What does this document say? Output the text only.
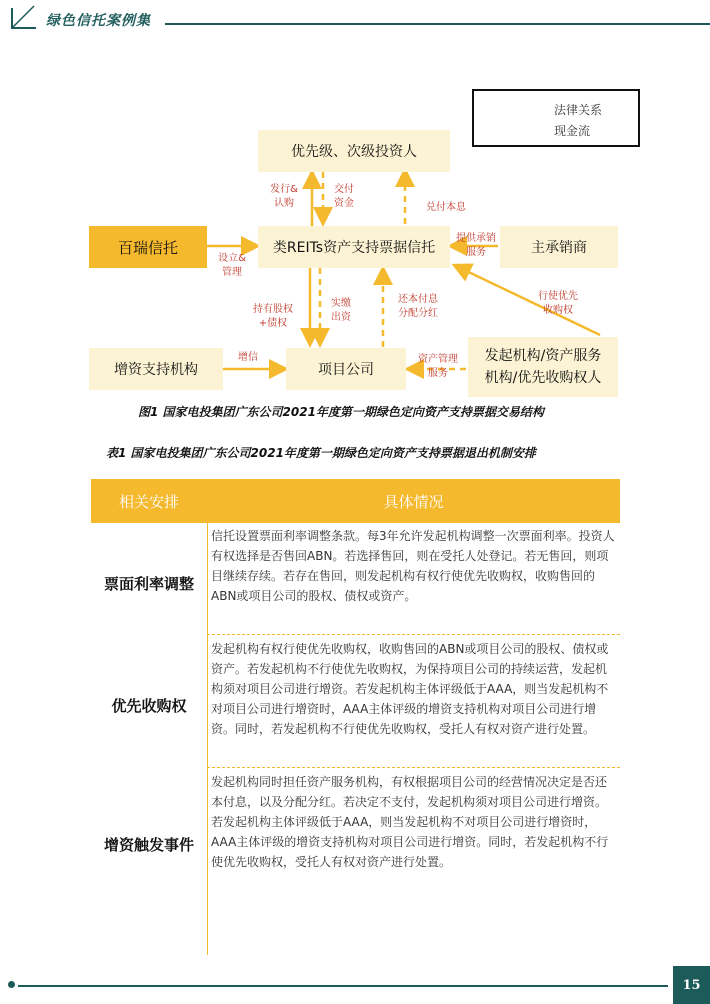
绿色信托案例集
法律关系
现金流
优先级、次级投资人
百瑞信托	类REITs资产支持票据信托	主承销商
增资支持机构	项目公司
发起机构/资产服务
机构/优先收购权人
发行&
认购
交付
资金	兑付本息
设立&
管理
提供承销
服务
持有股权
+债权
实缴
出资
还本付息
分配分红
行使优先
收购权
增信	资产管理
服务
图1 国家电投集团广东公司2021年度第一期绿色定向资产支持票据交易结构
表1 国家电投集团广东公司2021年度第一期绿色定向资产支持票据退出机制安排
相关安排	具体情况
票面利率调整
信托设置票面利率调整条款。每3年允许发起机构调整一次票面利率。投资人有权选择是否售回ABN。若选择售回，则在受托人处登记。若无售回，则项目继续存续。若存在售回，则发起机构有权行使优先收购权，收购售回的ABN或项目公司的股权、债权或资产。
优先收购权
发起机构有权行使优先收购权，收购售回的ABN或项目公司的股权、债权或资产。若发起机构不行使优先收购权，为保持项目公司的持续运营，发起机构须对项目公司进行增资。若发起机构主体评级低于AAA，则当发起机构不对项目公司进行增资时，AAA主体评级的增资支持机构对项目公司进行增资。同时，若发起机构不行使优先收购权，受托人有权对资产进行处置。
增资触发事件
发起机构同时担任资产服务机构，有权根据项目公司的经营情况决定是否还本付息，以及分配分红。若决定不支付，发起机构须对项目公司进行增资。若发起机构主体评级低于AAA，则当发起机构不对项目公司进行增资时，AAA主体评级的增资支持机构对项目公司进行增资。同时，若发起机构不行使优先收购权，受托人有权对资产进行处置。
15
